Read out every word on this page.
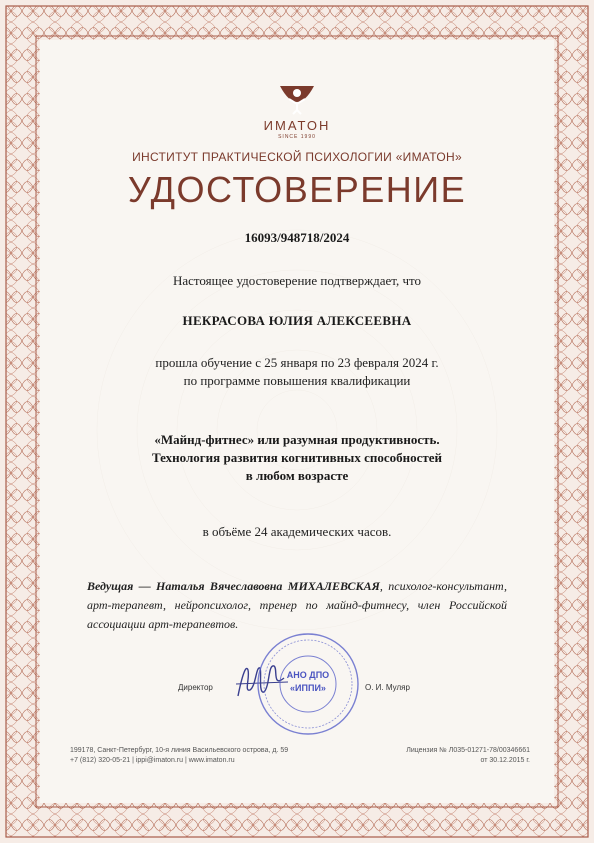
ИМАТОН
SINCE 1990
ИНСТИТУТ ПРАКТИЧЕСКОЙ ПСИХОЛОГИИ «ИМАТОН»
УДОСТОВЕРЕНИЕ
16093/948718/2024
Настоящее удостоверение подтверждает, что
НЕКРАСОВА ЮЛИЯ АЛЕКСЕЕВНА
прошла обучение с 25 января по 23 февраля 2024 г.
по программе повышения квалификации
«Майнд-фитнес» или разумная продуктивность.
Технология развития когнитивных способностей
в любом возрасте
в объёме 24 академических часов.
Ведущая — Наталья Вячеславовна МИХАЛЕВСКАЯ, психолог-консультант, арт-терапевт, нейропсихолог, тренер по майнд-фитнесу, член Российской ассоциации арт-терапевтов.
Директор
АНО ДПО
«ИППИ»	О. И. Муляр
199178, Санкт-Петербург, 10-я линия Васильевского острова, д. 59
+7 (812) 320-05-21 | ippi@imaton.ru | www.imaton.ru
Лицензия № Л035-01271-78/00346661
от 30.12.2015 г.
